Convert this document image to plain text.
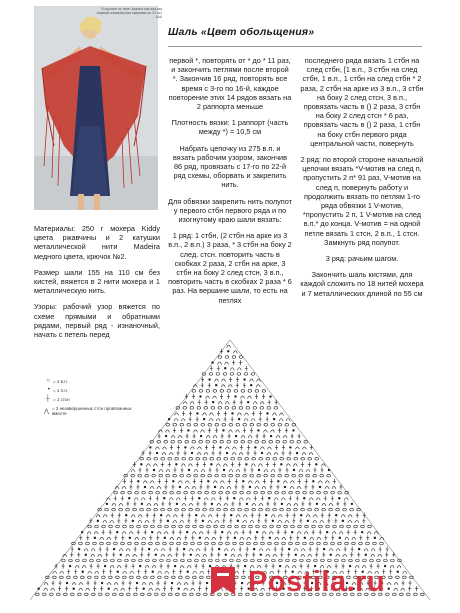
В журнале по теме: Ааааа в ааа-ааа ааа Ааааааа аааааааа Ааа аааааааа аа. 24 №2 ААА
Шаль «Цвет обольщения»

Материалы: 250 г мохера Kiddy цвета ржавчины и 2 катушки металлической нити Madeira медного цвета, крючок №2.

Размер шали 155 на 110 см без кистей, вяжется в 2 нити мохера и 1 металлическую нить.

Узоры: рабочий узор вяжется по схеме прямыми и обратными рядами, первый ряд - изнаночный, начать с петель перед

первой *, повторять от * до * 11 раз, и закончить петлями после второй *. Закончив 16 ряд, повторять все время с 3-го по 16-й, каждое повторение этих 14 рядов вязать на 2 раппорта меньше

Плотность вязки: 1 раппорт (часть между *) = 10,5 см

Набрать цепочку из 275 в.п. и вязать рабочим узором, закончив 86 ряд, провязать с 17-го по 22-й ряд схемы, оборвать и закрепить нить.

Для обвязки закрепить нить полупот у первого стбн первого ряда и по изогнутому краю шали вязать:

1 ряд: 1 стбн, (2 стбн на арке из 3 в.п., 2 в.п.) 3 раза, * 3 стбн на боку 2 след. стсн. повторить часть в скобках 2 раза, 2 стбн на арке, 3 стбн на боку 2 след стсн, 3 в.п., повторить часть в скобках 2 раза * 6 раз. На вершине шали, то есть на петлях

последнего ряда вязать 1 стбн на след стбн, [1 в.п., 3 стбн на след стбн, 1 в.п., 1 стбн на след стбн * 2 раза, 2 стбн на арке из 3 в.п., 3 стбн на боку 2 след стсн, 3 в.п., провязать часть в () 2 раза, 3 стбн на боку 2 след стсн * 6 раз, провязать часть в () 2 раза, 1 стбн на боку стбн первого ряда центральной части, повернуть

2 ряд: по второй стороне начальной цепочки вязать *V-мотив на след п, пропустить 2 п* 91 раз, V-мотив на след п, повернуть работу и продолжить вязать по петлям 1-го ряда обвязки 1 V-мотив, *пропустить 2 п, 1 V-мотив на след в.п.* до конца. V-мотив = на одной петле вязать 1 стсн, 2 в.п., 1 стсн. Замкнуть ряд полупот.

3 ряд: рачьим шагом.

Закончить шаль кистями, для каждой сложить по 18 нитей мохера и 7 металлических длиной по 55 см

○ = 1 в.п.
• = 1 п.п.
┼ = 1 стсн
⋀ = 3 незавершенных стсн провязанных вместе
Postila.ru
